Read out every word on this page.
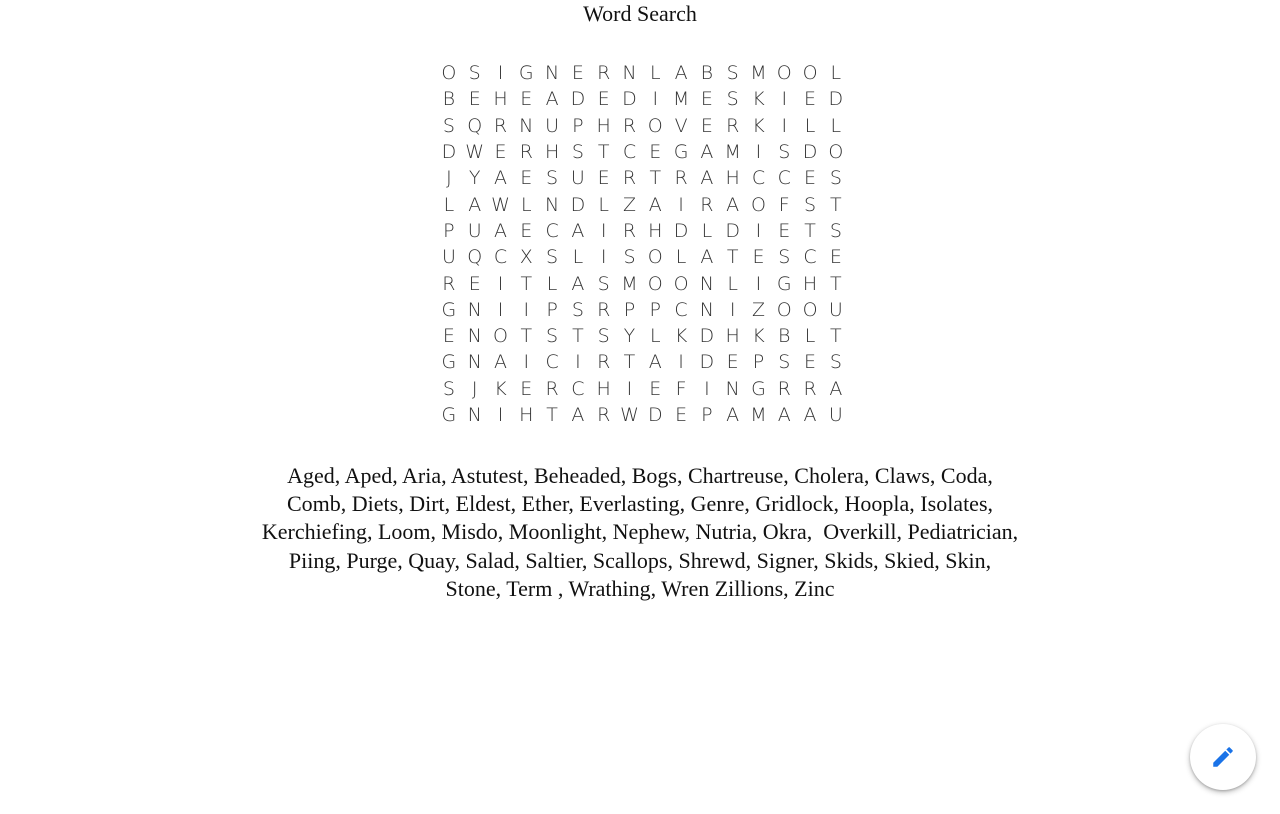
Word Search
O S I G N E R N L A B S M O O L
B E H E A D E D I M E S K I E D
S Q R N U P H R O V E R K I L L
D W E R H S T C E G A M I S D O
J Y A E S U E R T R A H C C E S
L A W L N D L Z A I R A O F S T
P U A E C A I R H D L D I E T S
U Q C X S L I S O L A T E S C E
R E I T L A S M O O N L I G H T
G N I	I P S R P P C N I Z O O U
E N O T S T S Y L K D H K B L T
G N A I C I R T A I D E P S E S
S J K E R C H I E F I N G R R A
G N I H T A R W D E P A M A A U
Aged, Aped, Aria, Astutest, Beheaded, Bogs, Chartreuse, Cholera, Claws, Coda,
Comb, Diets, Dirt, Eldest, Ether, Everlasting, Genre, Gridlock, Hoopla, Isolates,
Kerchiefing, Loom, Misdo, Moonlight, Nephew, Nutria, Okra,  Overkill, Pediatrician,
Piing, Purge, Quay, Salad, Saltier, Scallops, Shrewd, Signer, Skids, Skied, Skin,
Stone, Term , Wrathing, Wren Zillions, Zinc
